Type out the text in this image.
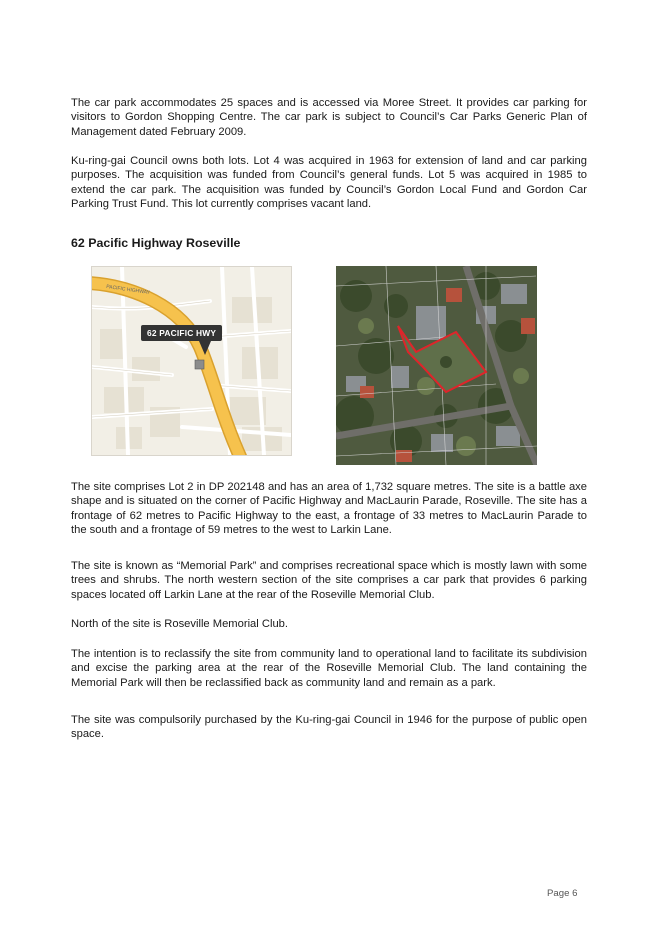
The car park accommodates 25 spaces and is accessed via Moree Street. It provides car parking for visitors to Gordon Shopping Centre. The car park is subject to Council’s Car Parks Generic Plan of Management dated February 2009.

Ku-ring-gai Council owns both lots. Lot 4 was acquired in 1963 for extension of land and car parking purposes. The acquisition was funded from Council’s general funds. Lot 5 was acquired in 1985 to extend the car park. The acquisition was funded by Council’s Gordon Local Fund and Gordon Car Parking Trust Fund. This lot currently comprises vacant land.

62 Pacific Highway Roseville
PACIFIC HIGHWAY
62 PACIFIC HWY

The site comprises Lot 2 in DP 202148 and has an area of 1,732 square metres. The site is a battle axe shape and is situated on the corner of Pacific Highway and MacLaurin Parade, Roseville. The site has a frontage of 62 metres to Pacific Highway to the east, a frontage of 33 metres to MacLaurin Parade to the south and a frontage of 59 metres to the west to Larkin Lane.

The site is known as “Memorial Park” and comprises recreational space which is mostly lawn with some trees and shrubs. The north western section of the site comprises a car park that provides 6 parking spaces located off Larkin Lane at the rear of the Roseville Memorial Club.

North of the site is Roseville Memorial Club.

The intention is to reclassify the site from community land to operational land to facilitate its subdivision and excise the parking area at the rear of the Roseville Memorial Club. The land containing the Memorial Park will then be reclassified back as community land and remain as a park.

The site was compulsorily purchased by the Ku-ring-gai Council in 1946 for the purpose of public open space.

Page 6
